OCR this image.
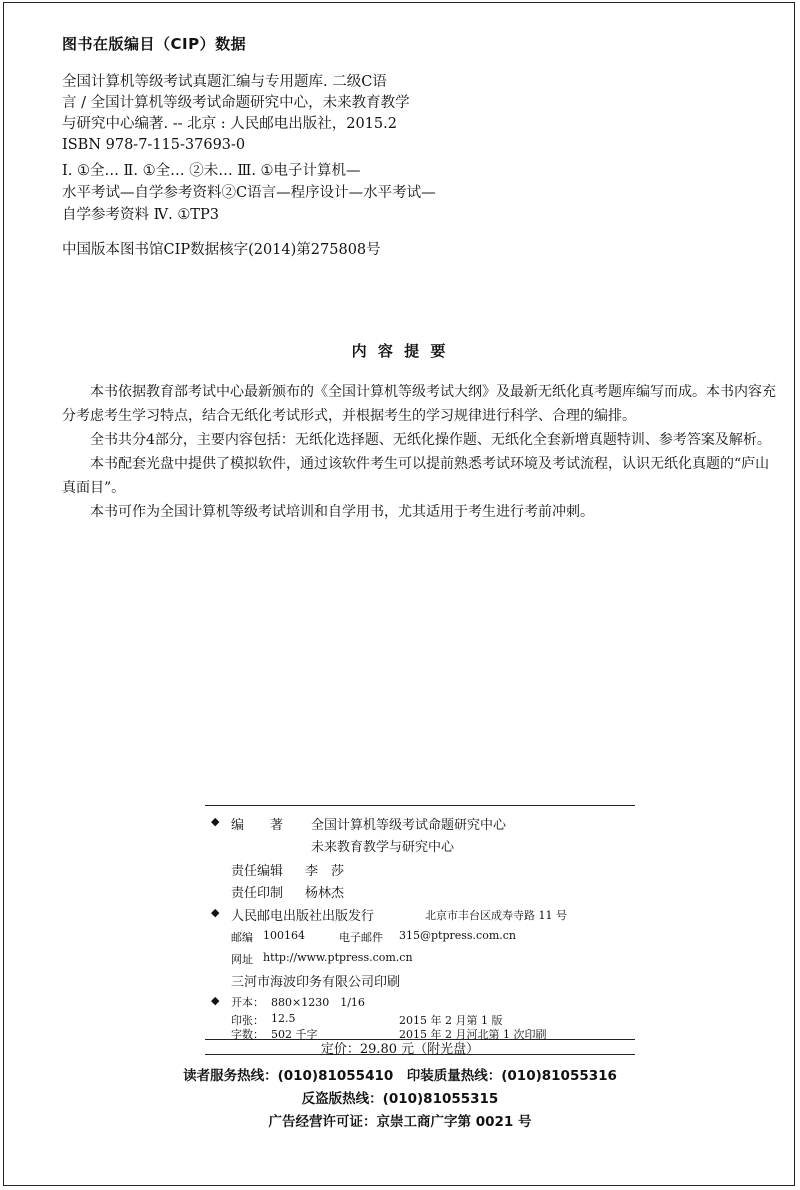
图书在版编目（CIP）数据
全国计算机等级考试真题汇编与专用题库. 二级C语
言 / 全国计算机等级考试命题研究中心，未来教育教学
与研究中心编著. -- 北京 : 人民邮电出版社，2015.2
ISBN 978-7-115-37693-0
Ⅰ. ①全… Ⅱ. ①全… ②未… Ⅲ. ①电子计算机—
水平考试—自学参考资料②C语言—程序设计—水平考试—
自学参考资料 Ⅳ. ①TP3
中国版本图书馆CIP数据核字(2014)第275808号
内 容 提 要

本书依据教育部考试中心最新颁布的《全国计算机等级考试大纲》及最新无纸化真考题库编写而成。本书内容充
分考虑考生学习特点，结合无纸化考试形式，并根据考生的学习规律进行科学、合理的编排。

全书共分4部分，主要内容包括：无纸化选择题、无纸化操作题、无纸化全套新增真题特训、参考答案及解析。

本书配套光盘中提供了模拟软件，通过该软件考生可以提前熟悉考试环境及考试流程，认识无纸化真题的“庐山
真面目”。

本书可作为全国计算机等级考试培训和自学用书，尤其适用于考生进行考前冲刺。

◆ 编　　著 全国计算机等级考试命题研究中心
未来教育教学与研究中心
责任编辑 李　莎
责任印制 杨林杰
◆ 人民邮电出版社出版发行	北京市丰台区成寿寺路 11 号
邮编 100164	电子邮件 315@ptpress.com.cn
网址 http://www.ptpress.com.cn
三河市海波印务有限公司印刷
◆ 开本： 880×1230　1/16
印张： 12.5	2015 年 2 月第 1 版
字数： 502 千字	2015 年 2 月河北第 1 次印刷
定价：29.80 元（附光盘）
读者服务热线：(010)81055410　印装质量热线：(010)81055316
反盗版热线：(010)81055315
广告经营许可证：京崇工商广字第 0021 号
